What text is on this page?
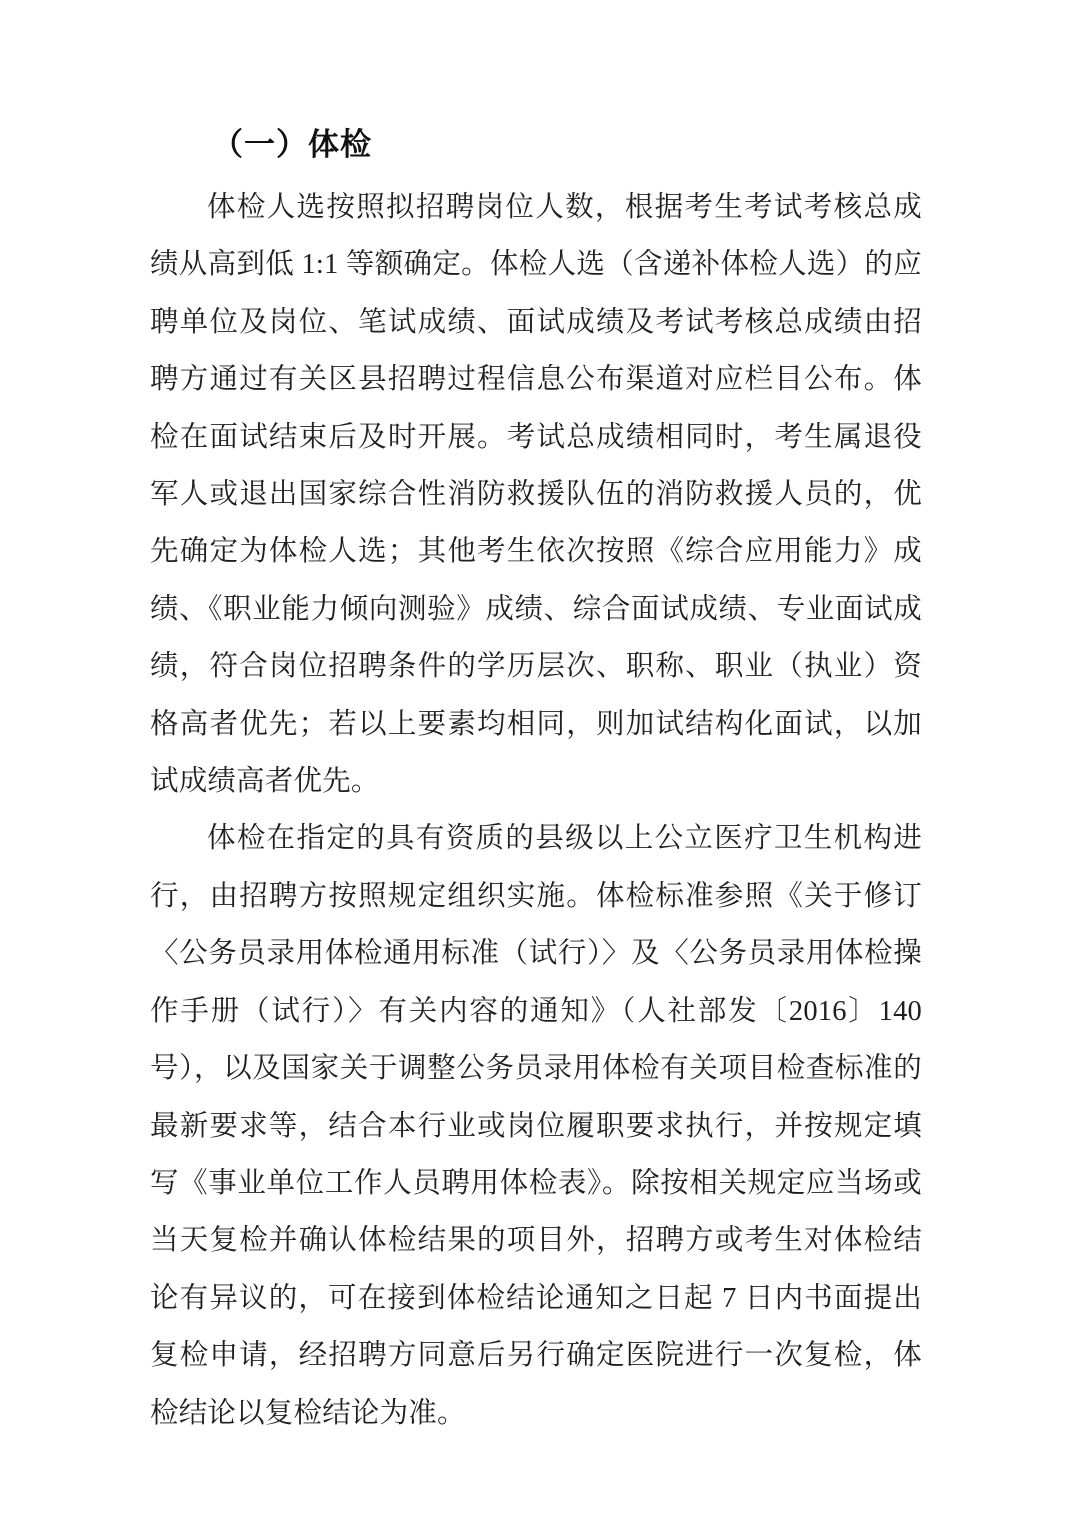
（一）体检

体检人选按照拟招聘岗位人数，根据考生考试考核总成绩从高到低 1:1 等额确定。体检人选（含递补体检人选）的应聘单位及岗位、笔试成绩、面试成绩及考试考核总成绩由招聘方通过有关区县招聘过程信息公布渠道对应栏目公布。体检在面试结束后及时开展。考试总成绩相同时，考生属退役军人或退出国家综合性消防救援队伍的消防救援人员的，优先确定为体检人选；其他考生依次按照《综合应用能力》成绩、《职业能力倾向测验》成绩、综合面试成绩、专业面试成绩，符合岗位招聘条件的学历层次、职称、职业（执业）资格高者优先；若以上要素均相同，则加试结构化面试，以加试成绩高者优先。

体检在指定的具有资质的县级以上公立医疗卫生机构进行，由招聘方按照规定组织实施。体检标准参照《关于修订〈公务员录用体检通用标准（试行）〉及〈公务员录用体检操作手册（试行）〉有关内容的通知》（人社部发〔2016〕140 号），以及国家关于调整公务员录用体检有关项目检查标准的最新要求等，结合本行业或岗位履职要求执行，并按规定填写《事业单位工作人员聘用体检表》。除按相关规定应当场或当天复检并确认体检结果的项目外，招聘方或考生对体检结论有异议的，可在接到体检结论通知之日起 7 日内书面提出复检申请，经招聘方同意后另行确定医院进行一次复检，体检结论以复检结论为准。
